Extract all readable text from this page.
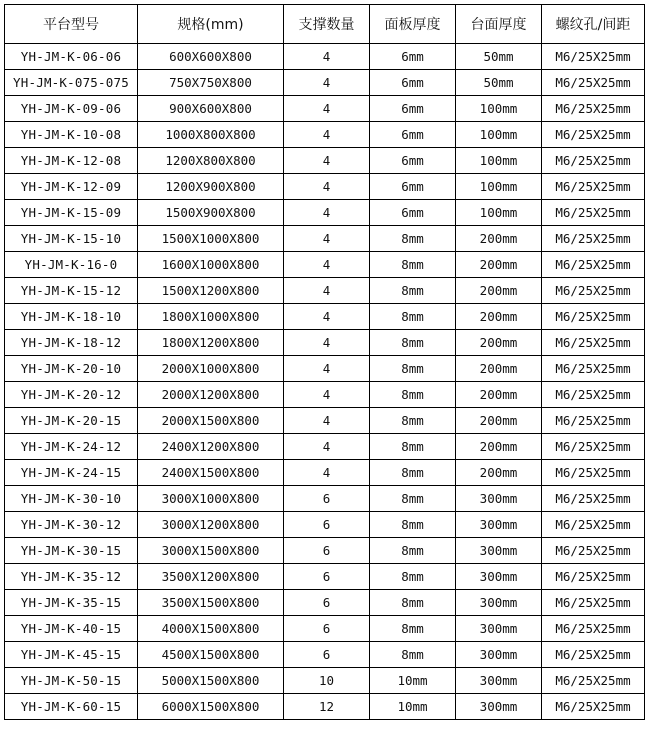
平台型号	规格(mm)	支撑数量	面板厚度	台面厚度	螺纹孔/间距
YH-JM-K-06-06	600X600X800	4	6mm	50mm	M6/25X25mm
YH-JM-K-075-075	750X750X800	4	6mm	50mm	M6/25X25mm
YH-JM-K-09-06	900X600X800	4	6mm	100mm	M6/25X25mm
YH-JM-K-10-08	1000X800X800	4	6mm	100mm	M6/25X25mm
YH-JM-K-12-08	1200X800X800	4	6mm	100mm	M6/25X25mm
YH-JM-K-12-09	1200X900X800	4	6mm	100mm	M6/25X25mm
YH-JM-K-15-09	1500X900X800	4	6mm	100mm	M6/25X25mm
YH-JM-K-15-10	1500X1000X800	4	8mm	200mm	M6/25X25mm
YH-JM-K-16-0	1600X1000X800	4	8mm	200mm	M6/25X25mm
YH-JM-K-15-12	1500X1200X800	4	8mm	200mm	M6/25X25mm
YH-JM-K-18-10	1800X1000X800	4	8mm	200mm	M6/25X25mm
YH-JM-K-18-12	1800X1200X800	4	8mm	200mm	M6/25X25mm
YH-JM-K-20-10	2000X1000X800	4	8mm	200mm	M6/25X25mm
YH-JM-K-20-12	2000X1200X800	4	8mm	200mm	M6/25X25mm
YH-JM-K-20-15	2000X1500X800	4	8mm	200mm	M6/25X25mm
YH-JM-K-24-12	2400X1200X800	4	8mm	200mm	M6/25X25mm
YH-JM-K-24-15	2400X1500X800	4	8mm	200mm	M6/25X25mm
YH-JM-K-30-10	3000X1000X800	6	8mm	300mm	M6/25X25mm
YH-JM-K-30-12	3000X1200X800	6	8mm	300mm	M6/25X25mm
YH-JM-K-30-15	3000X1500X800	6	8mm	300mm	M6/25X25mm
YH-JM-K-35-12	3500X1200X800	6	8mm	300mm	M6/25X25mm
YH-JM-K-35-15	3500X1500X800	6	8mm	300mm	M6/25X25mm
YH-JM-K-40-15	4000X1500X800	6	8mm	300mm	M6/25X25mm
YH-JM-K-45-15	4500X1500X800	6	8mm	300mm	M6/25X25mm
YH-JM-K-50-15	5000X1500X800	10	10mm	300mm	M6/25X25mm
YH-JM-K-60-15	6000X1500X800	12	10mm	300mm	M6/25X25mm
